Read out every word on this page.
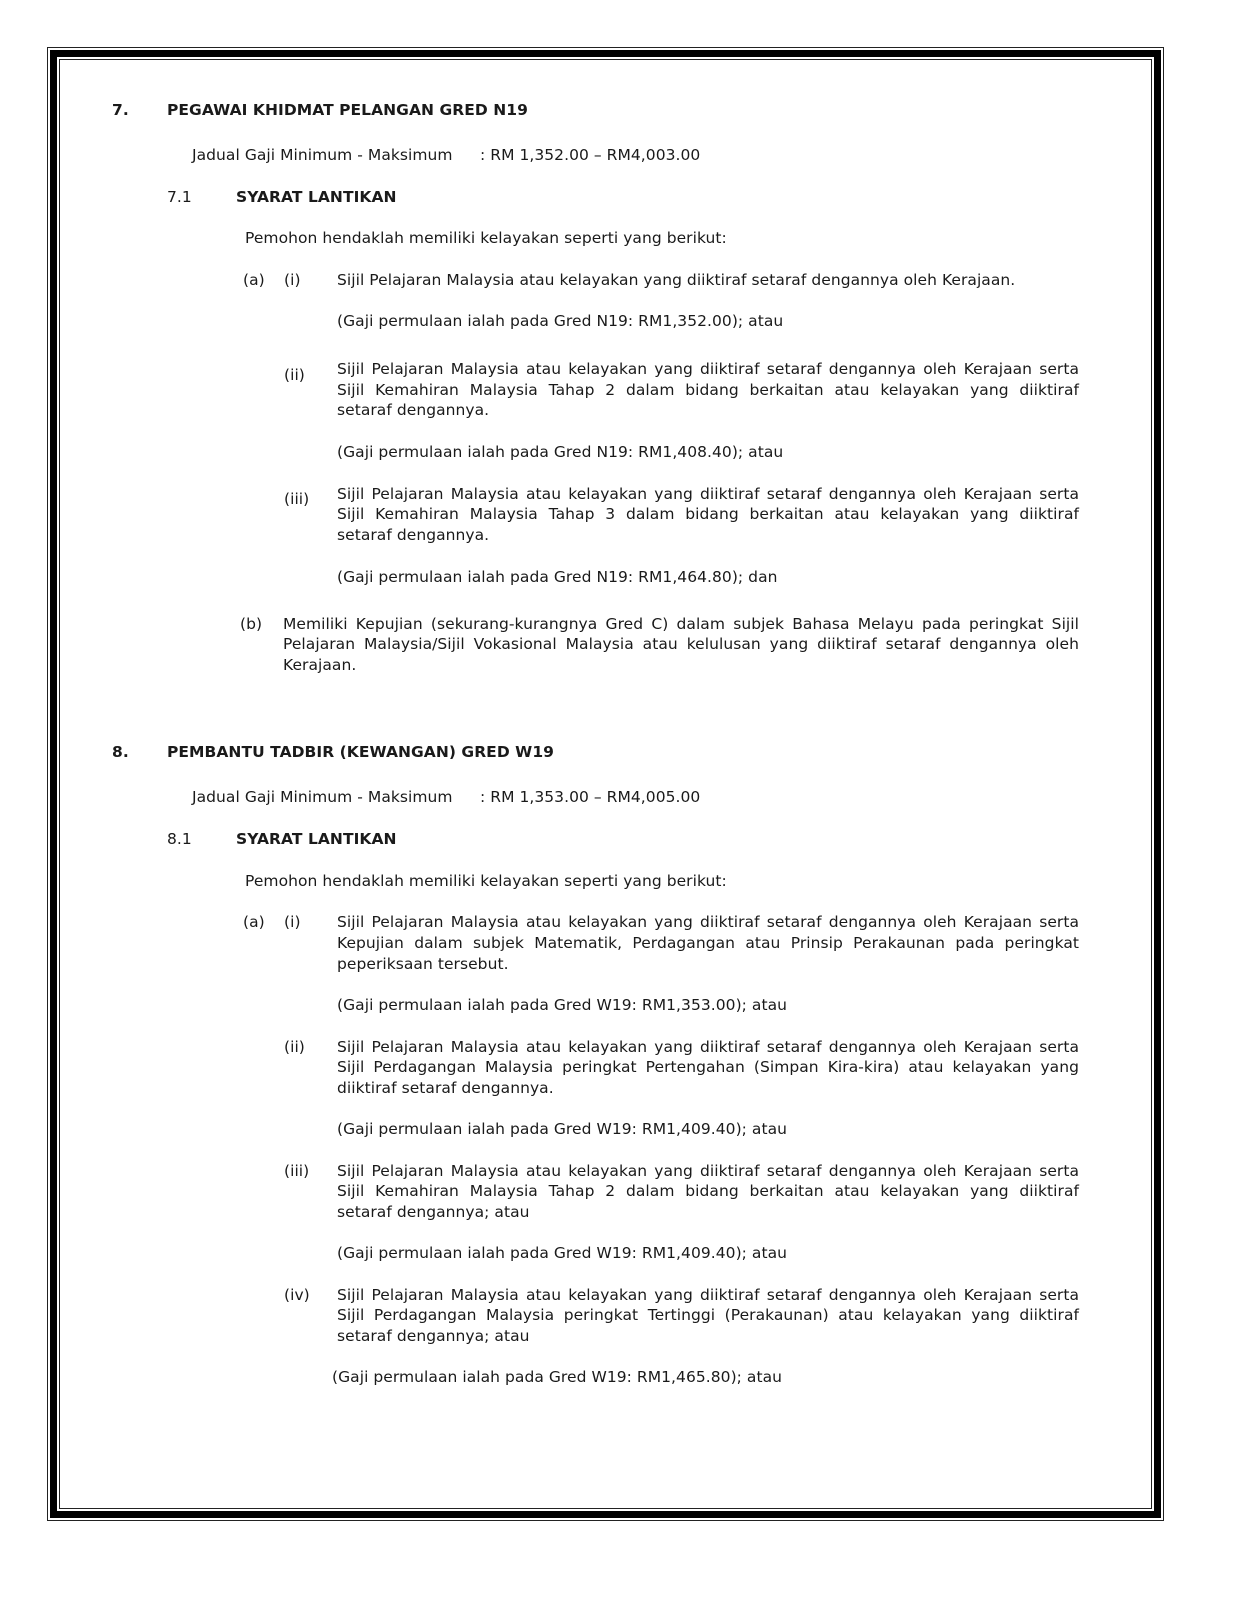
7. PEGAWAI KHIDMAT PELANGAN GRED N19
Jadual Gaji Minimum - Maksimum : RM 1,352.00 – RM4,003.00
7.1	SYARAT LANTIKAN
Pemohon hendaklah memiliki kelayakan seperti yang berikut:
(a) (i) Sijil Pelajaran Malaysia atau kelayakan yang diiktiraf setaraf dengannya oleh Kerajaan.
(Gaji permulaan ialah pada Gred N19: RM1,352.00); atau
(ii) Sijil Pelajaran Malaysia atau kelayakan yang diiktiraf setaraf dengannya oleh Kerajaan serta
Sijil Kemahiran Malaysia Tahap 2 dalam bidang berkaitan atau kelayakan yang diiktiraf
setaraf dengannya.
(Gaji permulaan ialah pada Gred N19: RM1,408.40); atau
(iii) Sijil Pelajaran Malaysia atau kelayakan yang diiktiraf setaraf dengannya oleh Kerajaan serta
Sijil Kemahiran Malaysia Tahap 3 dalam bidang berkaitan atau kelayakan yang diiktiraf
setaraf dengannya.
(Gaji permulaan ialah pada Gred N19: RM1,464.80); dan
(b) Memiliki Kepujian (sekurang-kurangnya Gred C) dalam subjek Bahasa Melayu pada peringkat Sijil
Pelajaran Malaysia/Sijil Vokasional Malaysia atau kelulusan yang diiktiraf setaraf dengannya oleh
Kerajaan.
8. PEMBANTU TADBIR (KEWANGAN) GRED W19
Jadual Gaji Minimum - Maksimum : RM 1,353.00 – RM4,005.00
8.1	SYARAT LANTIKAN
Pemohon hendaklah memiliki kelayakan seperti yang berikut:
(a) (i) Sijil Pelajaran Malaysia atau kelayakan yang diiktiraf setaraf dengannya oleh Kerajaan serta
Kepujian dalam subjek Matematik, Perdagangan atau Prinsip Perakaunan pada peringkat
peperiksaan tersebut.
(Gaji permulaan ialah pada Gred W19: RM1,353.00); atau
(ii) Sijil Pelajaran Malaysia atau kelayakan yang diiktiraf setaraf dengannya oleh Kerajaan serta
Sijil Perdagangan Malaysia peringkat Pertengahan (Simpan Kira-kira) atau kelayakan yang
diiktiraf setaraf dengannya.
(Gaji permulaan ialah pada Gred W19: RM1,409.40); atau
(iii) Sijil Pelajaran Malaysia atau kelayakan yang diiktiraf setaraf dengannya oleh Kerajaan serta
Sijil Kemahiran Malaysia Tahap 2 dalam bidang berkaitan atau kelayakan yang diiktiraf
setaraf dengannya; atau
(Gaji permulaan ialah pada Gred W19: RM1,409.40); atau
(iv) Sijil Pelajaran Malaysia atau kelayakan yang diiktiraf setaraf dengannya oleh Kerajaan serta
Sijil Perdagangan Malaysia peringkat Tertinggi (Perakaunan) atau kelayakan yang diiktiraf
setaraf dengannya; atau
(Gaji permulaan ialah pada Gred W19: RM1,465.80); atau
